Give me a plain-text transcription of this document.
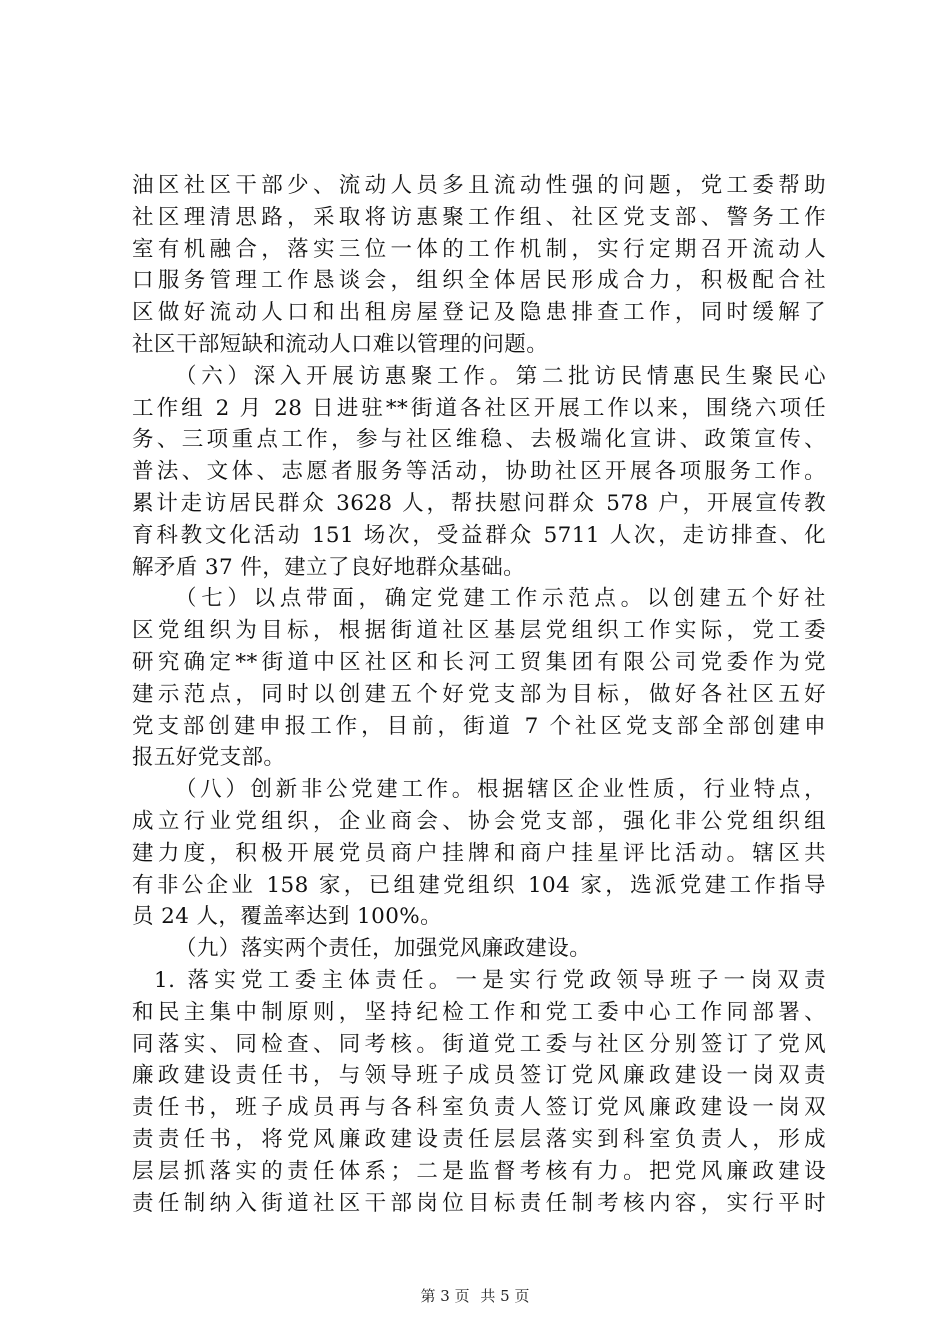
油区社区干部少、流动人员多且流动性强的问题，党工委帮助
社区理清思路，采取将访惠聚工作组、社区党支部、警务工作
室有机融合，落实三位一体的工作机制，实行定期召开流动人
口服务管理工作恳谈会，组织全体居民形成合力，积极配合社
区做好流动人口和出租房屋登记及隐患排查工作，同时缓解了
社区干部短缺和流动人口难以管理的问题。
（六）深入开展访惠聚工作。第二批访民情惠民生聚民心
工作组 2 月 28 日进驻**街道各社区开展工作以来，围绕六项任
务、三项重点工作，参与社区维稳、去极端化宣讲、政策宣传、
普法、文体、志愿者服务等活动，协助社区开展各项服务工作。
累计走访居民群众 3628 人，帮扶慰问群众 578 户，开展宣传教
育科教文化活动 151 场次，受益群众 5711 人次，走访排查、化
解矛盾 37 件，建立了良好地群众基础。
（七）以点带面，确定党建工作示范点。以创建五个好社
区党组织为目标，根据街道社区基层党组织工作实际，党工委
研究确定**街道中区社区和长河工贸集团有限公司党委作为党
建示范点，同时以创建五个好党支部为目标，做好各社区五好
党支部创建申报工作，目前，街道 7 个社区党支部全部创建申
报五好党支部。
（八）创新非公党建工作。根据辖区企业性质，行业特点，
成立行业党组织，企业商会、协会党支部，强化非公党组织组
建力度，积极开展党员商户挂牌和商户挂星评比活动。辖区共
有非公企业 158 家，已组建党组织 104 家，选派党建工作指导
员 24 人，覆盖率达到 100%。
（九）落实两个责任，加强党风廉政建设。
1. 落实党工委主体责任。一是实行党政领导班子一岗双责
和民主集中制原则，坚持纪检工作和党工委中心工作同部署、
同落实、同检查、同考核。街道党工委与社区分别签订了党风
廉政建设责任书，与领导班子成员签订党风廉政建设一岗双责
责任书，班子成员再与各科室负责人签订党风廉政建设一岗双
责责任书，将党风廉政建设责任层层落实到科室负责人，形成
层层抓落实的责任体系；二是监督考核有力。把党风廉政建设
责任制纳入街道社区干部岗位目标责任制考核内容，实行平时
第 3 页 共 5 页
